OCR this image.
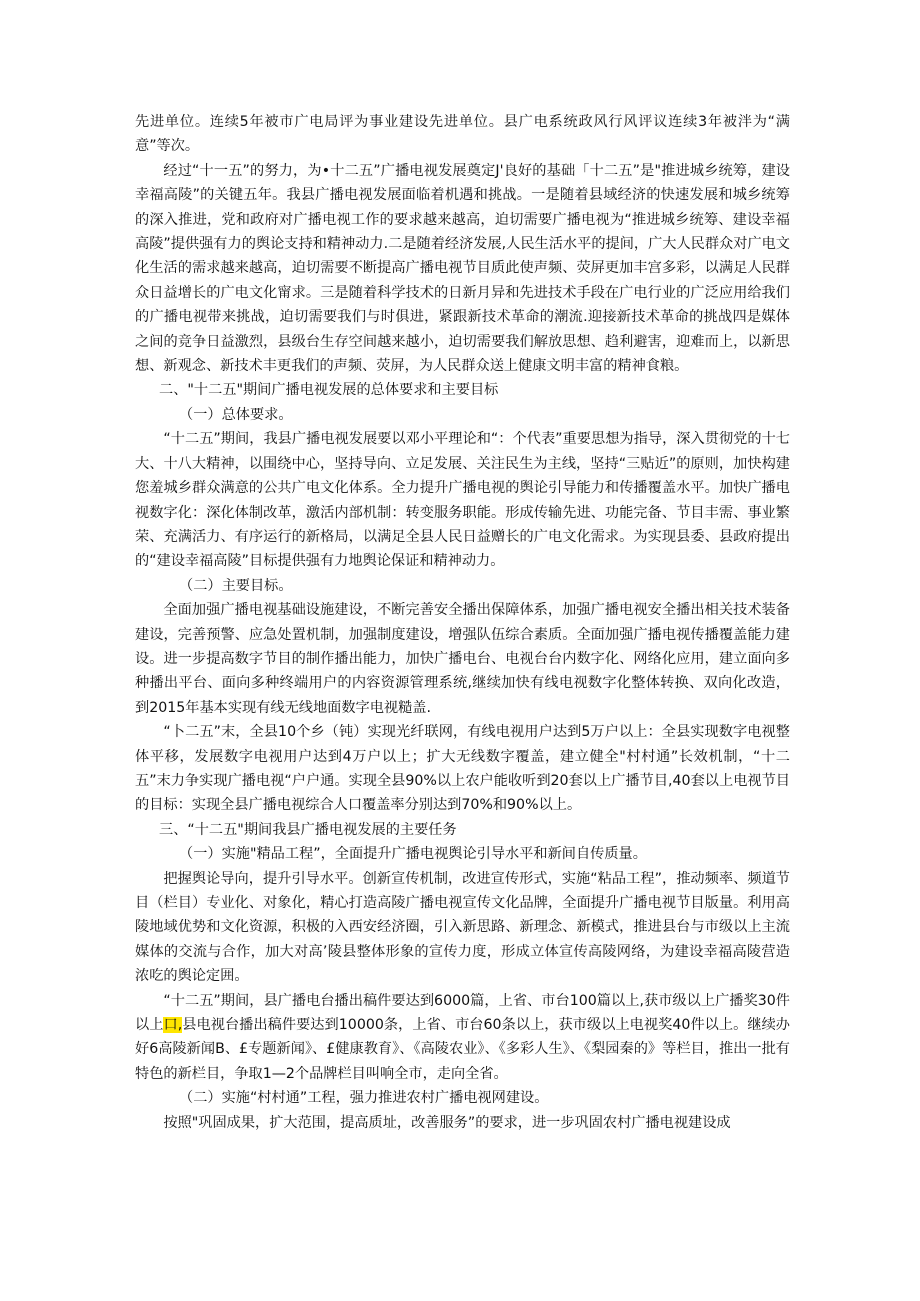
先进单位。连续5年被市广电局评为事业建设先进单位。县广电系统政风行风评议连续3年被泮为“满意”等次。

经过“十一五”的努力，为•十二五”广播电视发展奠定J'良好的基础「十二五”是"推进城乡统筹，建设幸福高陵”的关键五年。我县广播电视发展面临着机遇和挑战。一是随着县域经济的快速发展和城乡统筹的深入推进，党和政府对广播电视工作的要求越来越高，迫切需要广播电视为“推进城乡统筹、建设幸福高陵”提供强有力的舆论支持和精神动力.二是随着经济发展,人民生活水平的提间，广大人民群众对广电文化生活的需求越来越高，迫切需要不断提高广播电视节目质此使声频、荧屏更加丰宫多彩，以满足人民群众日益增长的广电文化甯求。三是随着科学技术的日新月异和先进技术手段在广电行业的广泛应用给我们的广播电视带来挑战，迫切需要我们与时俱进，紧跟新技术革命的潮流.迎接新技术革命的挑战四是媒体之间的竞争日益激烈，县级台生存空间越来越小，迫切需要我们解放思想、趋利避害，迎难而上，以新思想、新观念、新技术丰更我们的声频、荧屏，为人民群众送上健康文明丰富的精神食粮。

二、"十二五"期间广播电视发展的总体要求和主要目标

（一）总体要求。

“十二五”期间，我县广播电视发展要以邓小平理论和“：个代表”重要思想为指导，深入贯彻党的十七大、十八大精神，以围绕中心，坚持导向、立足发展、关注民生为主线，坚持“三贴近”的原则，加快构建您羞城乡群众满意的公共广电文化体系。全力提升广播电视的舆论引导能力和传播覆盖水平。加快广播电视数字化：深化体制改革，激活内部机制：转变服务职能。形成传输先进、功能完备、节目丰需、事业繁荣、充满活力、有序运行的新格局，以满足全县人民日益赠长的广电文化需求。为实现县委、县政府提出的“建设幸福高陵”目标提供强有力地舆论保证和精神动力。

（二）主要目标。

全面加强广播电视基础设施建设，不断完善安全播出保障体系，加强广播电视安全播出相关技术装备建设，完善预警、应急处置机制，加强制度建设，增强队伍综合素质。全面加强广播电视传播覆盖能力建设。进一步提高数字节目的制作播出能力，加快广播电台、电视台台内数字化、网络化应用，建立面向多种播出平台、面向多种终端用户的内容资源管理系统,继续加快有线电视数字化整体转换、双向化改造，到2015年基本实现有线无线地面数字电视糙盖.

“卜二五”末，全县10个乡（钝）实现光纤联网，有线电视用户达到5万户以上：全县实现数字电视整体平移，发展数字电视用户达到4万户以上；扩大无线数字覆盖，建立健全"村村通”长效机制，“十二五”末力争实现广播电视“户户通。实现全县90%以上农户能收听到20套以上广播节目,40套以上电视节目的目标：实现全县广播电视综合人口覆盖率分别达到70%和90%以上。

三、“十二五"期间我县广播电视发展的主要任务

（一）实施"精品工程”，全面提升广播电视舆论引导水平和新间自传质量。

把握舆论导向，提升引导水平。创新宣传机制，改进宣传形式，实施“粘品工程”，推动频率、频道节目（栏目）专业化、对象化，精心打造高陵广播电视宣传文化品牌，全面提升广播电视节目版量。利用高陵地域优势和文化资源，积极的入西安经济圈，引入新思路、新理念、新模式，推进县台与市级以上主流媒体的交流与合作，加大对高’陵县整体形象的宣传力度，形成立体宣传高陵网络，为建设幸福高陵营造浓吃的舆论定囲。

“十二五”期间，县广播电台播出稿件要达到6000篇，上省、市台100篇以上,获市级以上广播奖30件以上口,县电视台播出稿件要达到10000条，上省、市台60条以上，获市级以上电视奖40件以上。继续办好6高陵新闻B、£专题新闻》、£健康教育》、《高陵农业》、《多彩人生》、《梨园秦的》等栏目，推出一批有特色的新栏目，争取1—2个品牌栏目叫响全市，走向全省。

（二）实施“村村通”工程，强力推进农村广播电视网建设。

按照"巩固成果，扩大范围，提高质址，改善服务”的要求，进一步巩固农村广播电视建设成
